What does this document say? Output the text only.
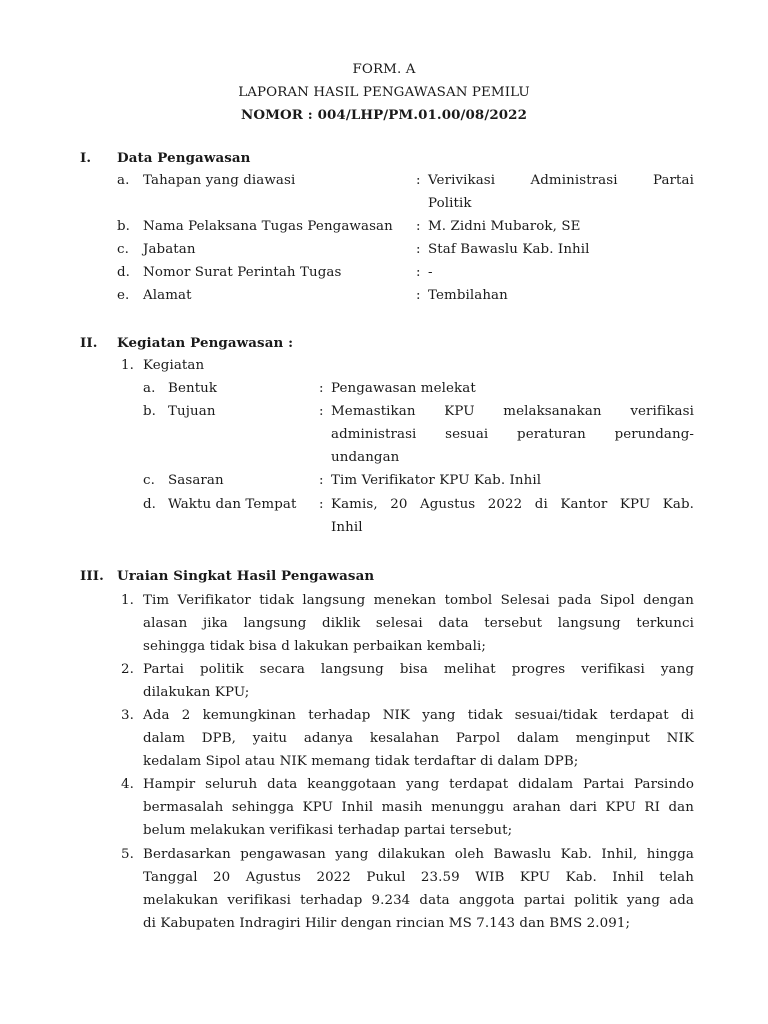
FORM. A
LAPORAN HASIL PENGAWASAN PEMILU
NOMOR : 004/LHP/PM.01.00/08/2022
I. Data Pengawasan
a. Tahapan yang diawasi	: Verivikasi Administrasi Partai
Politik
b. Nama Pelaksana Tugas Pengawasan : M. Zidni Mubarok, SE
c. Jabatan	: Staf Bawaslu Kab. Inhil
d. Nomor Surat Perintah Tugas	: -
e. Alamat	: Tembilahan
II. Kegiatan Pengawasan :
1. Kegiatan
a. Bentuk	: Pengawasan melekat
b. Tujuan	: Memastikan KPU melaksanakan verifikasi
administrasi sesuai peraturan perundang-
undangan
c. Sasaran	: Tim Verifikator KPU Kab. Inhil
d. Waktu dan Tempat : Kamis, 20 Agustus 2022 di Kantor KPU Kab.
Inhil
III. Uraian Singkat Hasil Pengawasan
1. Tim Verifikator tidak langsung menekan tombol Selesai pada Sipol dengan
alasan jika langsung diklik selesai data tersebut langsung terkunci
sehingga tidak bisa d lakukan perbaikan kembali;
2. Partai politik secara langsung bisa melihat progres verifikasi yang
dilakukan KPU;
3. Ada 2 kemungkinan terhadap NIK yang tidak sesuai/tidak terdapat di
dalam DPB, yaitu adanya kesalahan Parpol dalam menginput NIK
kedalam Sipol atau NIK memang tidak terdaftar di dalam DPB;
4. Hampir seluruh data keanggotaan yang terdapat didalam Partai Parsindo
bermasalah sehingga KPU Inhil masih menunggu arahan dari KPU RI dan
belum melakukan verifikasi terhadap partai tersebut;
5. Berdasarkan pengawasan yang dilakukan oleh Bawaslu Kab. Inhil, hingga
Tanggal 20 Agustus 2022 Pukul 23.59 WIB KPU Kab. Inhil telah
melakukan verifikasi terhadap 9.234 data anggota partai politik yang ada
di Kabupaten Indragiri Hilir dengan rincian MS 7.143 dan BMS 2.091;
